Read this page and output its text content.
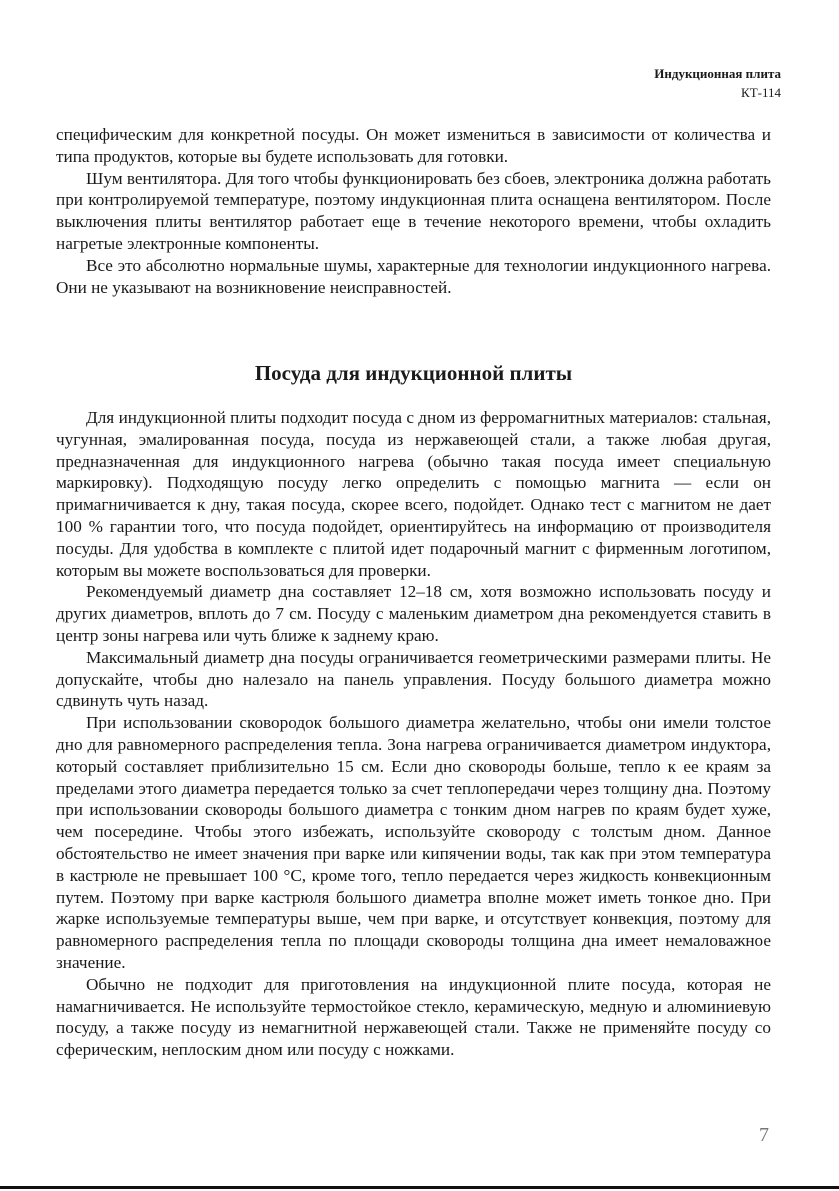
Индукционная плита
КТ-114

специфическим для конкретной посуды. Он может измениться в зависимости от количества и типа продуктов, которые вы будете использовать для готовки.

Шум вентилятора. Для того чтобы функционировать без сбоев, электроника должна работать при контролируемой температуре, поэтому индукционная плита оснащена вентилятором. После выключения плиты вентилятор работает еще в течение некоторого времени, чтобы охладить нагретые электронные компоненты.

Все это абсолютно нормальные шумы, характерные для технологии индукционного нагрева. Они не указывают на возникновение неисправностей.

Посуда для индукционной плиты

Для индукционной плиты подходит посуда с дном из ферромагнитных материалов: стальная, чугунная, эмалированная посуда, посуда из нержавеющей стали, а также любая другая, предназначенная для индукционного нагрева (обычно такая посуда имеет специальную маркировку). Подходящую посуду легко определить с помощью магнита — если он примагничивается к дну, такая посуда, скорее всего, подойдет. Однако тест с магнитом не дает 100 % гарантии того, что посуда подойдет, ориентируйтесь на информацию от производителя посуды. Для удобства в комплекте с плитой идет подарочный магнит с фирменным логотипом, которым вы можете воспользоваться для проверки.

Рекомендуемый диаметр дна составляет 12–18 см, хотя возможно использовать посуду и других диаметров, вплоть до 7 см. Посуду с маленьким диаметром дна рекомендуется ставить в центр зоны нагрева или чуть ближе к заднему краю.

Максимальный диаметр дна посуды ограничивается геометрическими размерами плиты. Не допускайте, чтобы дно налезало на панель управления. Посуду большого диаметра можно сдвинуть чуть назад.

При использовании сковородок большого диаметра желательно, чтобы они имели толстое дно для равномерного распределения тепла. Зона нагрева ограничивается диаметром индуктора, который составляет приблизительно 15 см. Если дно сковороды больше, тепло к ее краям за пределами этого диаметра передается только за счет теплопередачи через толщину дна. Поэтому при использовании сковороды большого диаметра с тонким дном нагрев по краям будет хуже, чем посередине. Чтобы этого избежать, используйте сковороду с толстым дном. Данное обстоятельство не имеет значения при варке или кипячении воды, так как при этом температура в кастрюле не превышает 100 °С, кроме того, тепло передается через жидкость конвекционным путем. Поэтому при варке кастрюля большого диаметра вполне может иметь тонкое дно. При жарке используемые температуры выше, чем при варке, и отсутствует конвекция, поэтому для равномерного распределения тепла по площади сковороды толщина дна имеет немаловажное значение.

Обычно не подходит для приготовления на индукционной плите посуда, которая не намагничивается. Не используйте термостойкое стекло, керамическую, медную и алюминиевую посуду, а также посуду из немагнитной нержавеющей стали. Также не применяйте посуду со сферическим, неплоским дном или посуду с ножками.

7
